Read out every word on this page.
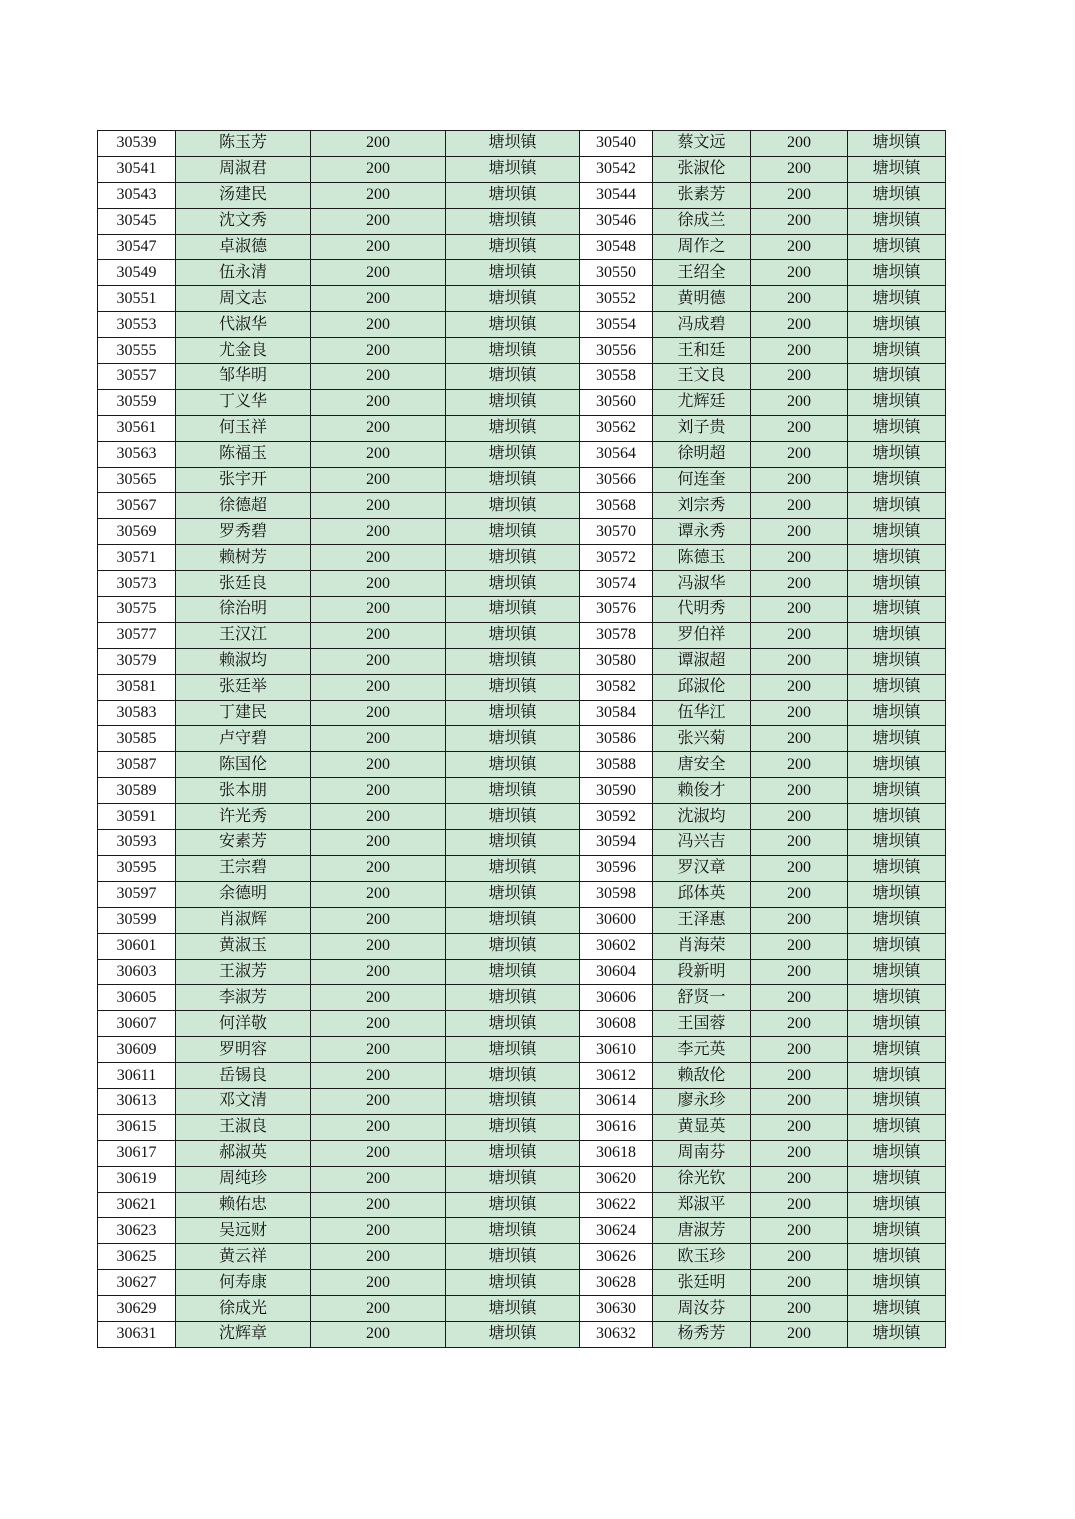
30539	陈玉芳	200	塘坝镇	30540	蔡文远	200	塘坝镇
30541	周淑君	200	塘坝镇	30542	张淑伦	200	塘坝镇
30543	汤建民	200	塘坝镇	30544	张素芳	200	塘坝镇
30545	沈文秀	200	塘坝镇	30546	徐成兰	200	塘坝镇
30547	卓淑德	200	塘坝镇	30548	周作之	200	塘坝镇
30549	伍永清	200	塘坝镇	30550	王绍全	200	塘坝镇
30551	周文志	200	塘坝镇	30552	黄明德	200	塘坝镇
30553	代淑华	200	塘坝镇	30554	冯成碧	200	塘坝镇
30555	尤金良	200	塘坝镇	30556	王和廷	200	塘坝镇
30557	邹华明	200	塘坝镇	30558	王文良	200	塘坝镇
30559	丁义华	200	塘坝镇	30560	尤辉廷	200	塘坝镇
30561	何玉祥	200	塘坝镇	30562	刘子贵	200	塘坝镇
30563	陈福玉	200	塘坝镇	30564	徐明超	200	塘坝镇
30565	张宇开	200	塘坝镇	30566	何连奎	200	塘坝镇
30567	徐德超	200	塘坝镇	30568	刘宗秀	200	塘坝镇
30569	罗秀碧	200	塘坝镇	30570	谭永秀	200	塘坝镇
30571	赖树芳	200	塘坝镇	30572	陈德玉	200	塘坝镇
30573	张廷良	200	塘坝镇	30574	冯淑华	200	塘坝镇
30575	徐治明	200	塘坝镇	30576	代明秀	200	塘坝镇
30577	王汉江	200	塘坝镇	30578	罗伯祥	200	塘坝镇
30579	赖淑均	200	塘坝镇	30580	谭淑超	200	塘坝镇
30581	张廷举	200	塘坝镇	30582	邱淑伦	200	塘坝镇
30583	丁建民	200	塘坝镇	30584	伍华江	200	塘坝镇
30585	卢守碧	200	塘坝镇	30586	张兴菊	200	塘坝镇
30587	陈国伦	200	塘坝镇	30588	唐安全	200	塘坝镇
30589	张本朋	200	塘坝镇	30590	赖俊才	200	塘坝镇
30591	许光秀	200	塘坝镇	30592	沈淑均	200	塘坝镇
30593	安素芳	200	塘坝镇	30594	冯兴吉	200	塘坝镇
30595	王宗碧	200	塘坝镇	30596	罗汉章	200	塘坝镇
30597	余德明	200	塘坝镇	30598	邱体英	200	塘坝镇
30599	肖淑辉	200	塘坝镇	30600	王泽惠	200	塘坝镇
30601	黄淑玉	200	塘坝镇	30602	肖海荣	200	塘坝镇
30603	王淑芳	200	塘坝镇	30604	段新明	200	塘坝镇
30605	李淑芳	200	塘坝镇	30606	舒贤一	200	塘坝镇
30607	何洋敬	200	塘坝镇	30608	王国蓉	200	塘坝镇
30609	罗明容	200	塘坝镇	30610	李元英	200	塘坝镇
30611	岳锡良	200	塘坝镇	30612	赖敌伦	200	塘坝镇
30613	邓文清	200	塘坝镇	30614	廖永珍	200	塘坝镇
30615	王淑良	200	塘坝镇	30616	黄显英	200	塘坝镇
30617	郝淑英	200	塘坝镇	30618	周南芬	200	塘坝镇
30619	周纯珍	200	塘坝镇	30620	徐光钦	200	塘坝镇
30621	赖佑忠	200	塘坝镇	30622	郑淑平	200	塘坝镇
30623	吴远财	200	塘坝镇	30624	唐淑芳	200	塘坝镇
30625	黄云祥	200	塘坝镇	30626	欧玉珍	200	塘坝镇
30627	何寿康	200	塘坝镇	30628	张廷明	200	塘坝镇
30629	徐成光	200	塘坝镇	30630	周汝芬	200	塘坝镇
30631	沈辉章	200	塘坝镇	30632	杨秀芳	200	塘坝镇
